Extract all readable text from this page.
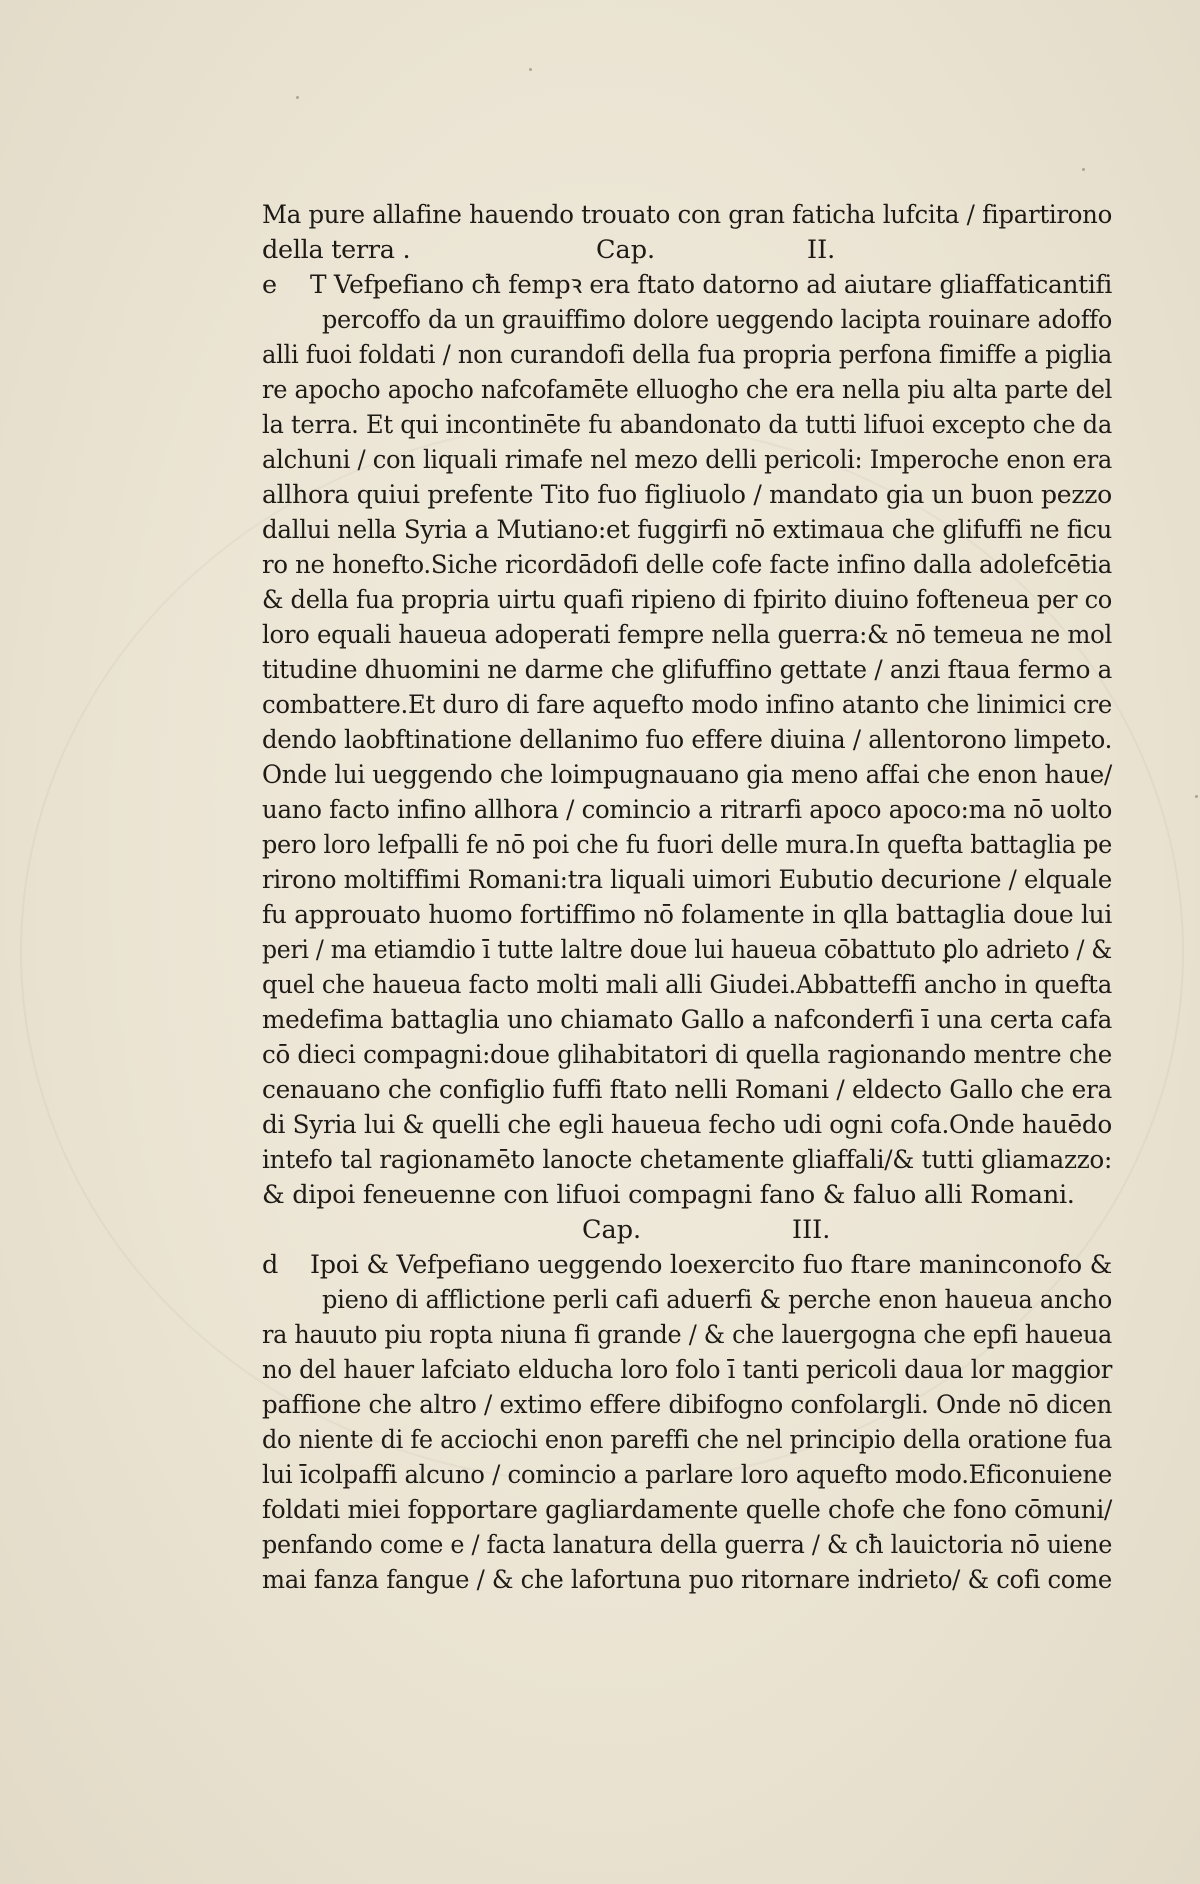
Ma pure allafine hauendo trouato con gran faticha lufcita / fipartirono
della terra .	Cap.	II.
e T Vefpefiano cħ fempꝛ era ftato datorno ad aiutare gliaffaticantifi
percoffo da un grauiffimo dolore ueggendo lacipta rouinare adoffo
alli fuoi foldati / non curandofi della fua propria perfona fimiffe a piglia
re apocho apocho nafcofamēte elluogho che era nella piu alta parte del
la terra. Et qui incontinēte fu abandonato da tutti lifuoi excepto che da
alchuni / con liquali rimafe nel mezo delli pericoli: Imperoche enon era
allhora quiui prefente Tito fuo figliuolo / mandato gia un buon pezzo
dallui nella Syria a Mutiano:et fuggirfi nō extimaua che glifuffi ne ficu
ro ne honefto.Siche ricordādofi delle cofe facte infino dalla adolefcētia
& della fua propria uirtu quafi ripieno di fpirito diuino fofteneua per co
loro equali haueua adoperati fempre nella guerra:& nō temeua ne mol
titudine dhuomini ne darme che glifuffino gettate / anzi ftaua fermo a
combattere.Et duro di fare aquefto modo infino atanto che linimici cre
dendo laobftinatione dellanimo fuo effere diuina / allentorono limpeto.
Onde lui ueggendo che loimpugnauano gia meno affai che enon haue/
uano facto infino allhora / comincio a ritrarfi apoco apoco:ma nō uolto
pero loro lefpalli fe nō poi che fu fuori delle mura.In quefta battaglia pe
rirono moltiffimi Romani:tra liquali uimori Eubutio decurione / elquale
fu approuato huomo fortiffimo nō folamente in qlla battaglia doue lui
peri / ma etiamdio ī tutte laltre doue lui haueua cōbattuto ꝑlo adrieto / &
quel che haueua facto molti mali alli Giudei.Abbatteffi ancho in quefta
medefima battaglia uno chiamato Gallo a nafconderfi ī una certa cafa
cō dieci compagni:doue glihabitatori di quella ragionando mentre che
cenauano che configlio fuffi ftato nelli Romani / eldecto Gallo che era
di Syria lui & quelli che egli haueua fecho udi ogni cofa.Onde hauēdo
intefo tal ragionamēto lanocte chetamente gliaffali/& tutti gliamazzo:
& dipoi feneuenne con lifuoi compagni fano & faluo alli Romani.
Cap.	III.
d Ipoi & Vefpefiano ueggendo loexercito fuo ftare maninconofo &
pieno di afflictione perli cafi aduerfi & perche enon haueua ancho
ra hauuto piu ropta niuna fi grande / & che lauergogna che epfi haueua
no del hauer lafciato elducha loro folo ī tanti pericoli daua lor maggior
paffione che altro / extimo effere dibifogno confolargli. Onde nō dicen
do niente di fe acciochi enon pareffi che nel principio della oratione fua
lui īcolpaffi alcuno / comincio a parlare loro aquefto modo.Eficonuiene
foldati miei fopportare gagliardamente quelle chofe che fono cōmuni/
penfando come e / facta lanatura della guerra / & cħ lauictoria nō uiene
mai fanza fangue / & che lafortuna puo ritornare indrieto/ & cofi come
